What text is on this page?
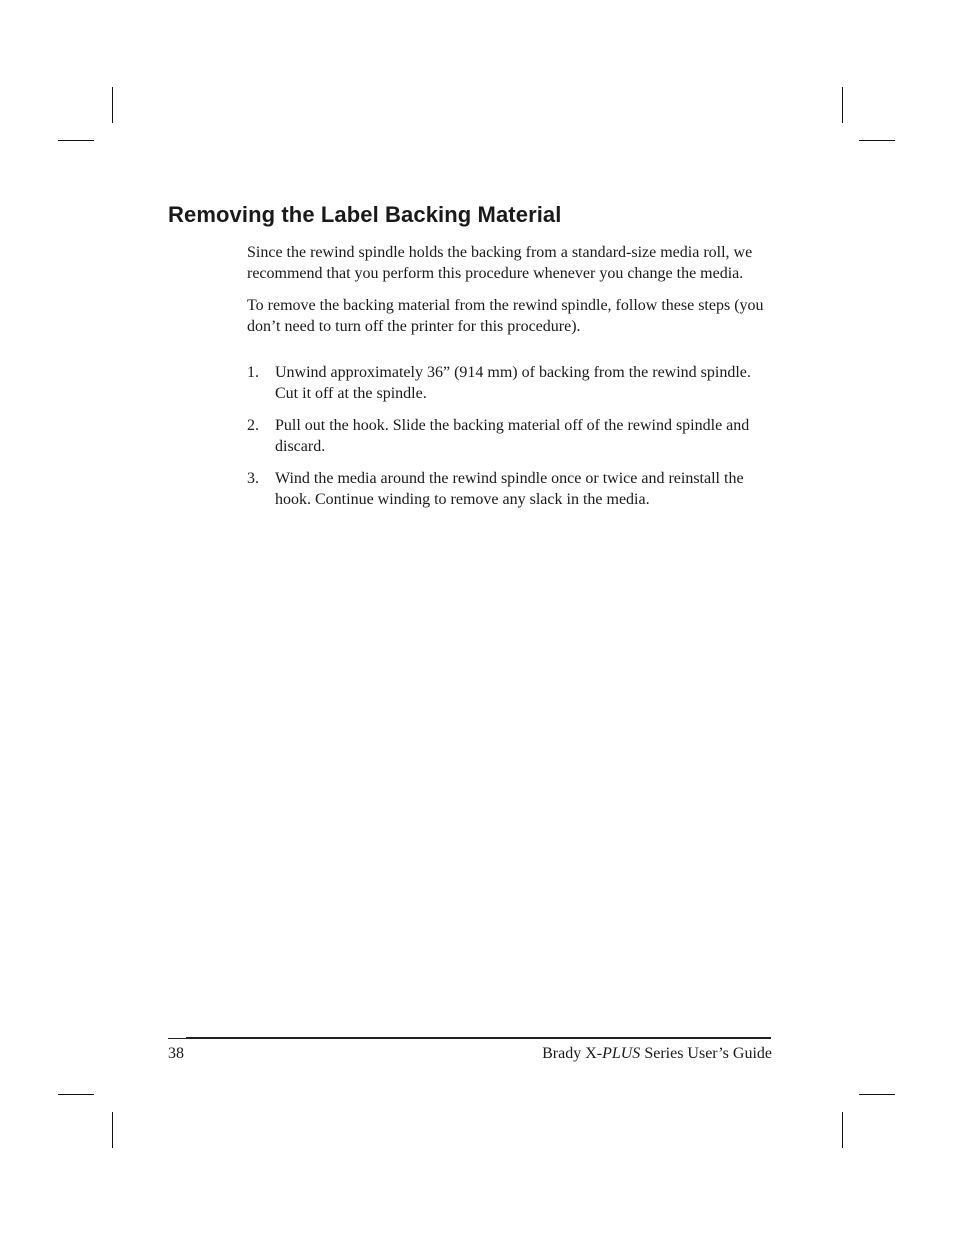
Removing the Label Backing Material

Since the rewind spindle holds the backing from a standard-size media roll, we recommend that you perform this procedure whenever you change the media.

To remove the backing material from the rewind spindle, follow these steps (you don’t need to turn off the printer for this procedure).

1. Unwind approximately 36” (914 mm) of backing from the rewind spindle. Cut it off at the spindle.
2. Pull out the hook. Slide the backing material off of the rewind spindle and discard.
3. Wind the media around the rewind spindle once or twice and reinstall the hook. Continue winding to remove any slack in the media.
38	Brady X-PLUS Series User’s Guide
